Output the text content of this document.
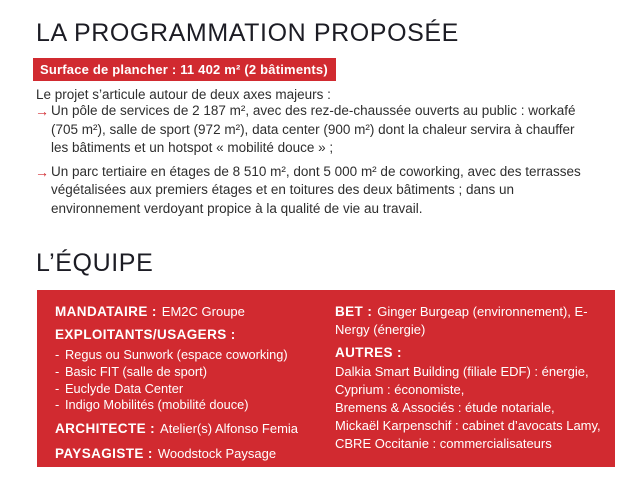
LA PROGRAMMATION PROPOSÉE
Surface de plancher : 11 402 m² (2 bâtiments)

Le projet s’articule autour de deux axes majeurs :

→ Un pôle de services de 2 187 m², avec des rez-de-chaussée ouverts au public : workafé (705 m²), salle de sport (972 m²), data center (900 m²) dont la chaleur servira à chauffer les bâtiments et un hotspot « mobilité douce » ;
→ Un parc tertiaire en étages de 8 510 m², dont 5 000 m² de coworking, avec des terrasses végétalisées aux premiers étages et en toitures des deux bâtiments ; dans un environnement verdoyant propice à la qualité de vie au travail.
L’ÉQUIPE

MANDATAIRE : EM2C Groupe

EXPLOITANTS/USAGERS :

- Regus ou Sunwork (espace coworking)
- Basic FIT (salle de sport)
- Euclyde Data Center
- Indigo Mobilités (mobilité douce)

ARCHITECTE : Atelier(s) Alfonso Femia

PAYSAGISTE : Woodstock Paysage

BET : Ginger Burgeap (environnement), E-Nergy (énergie)

AUTRES :

Dalkia Smart Building (filiale EDF) : énergie,
Cyprium : économiste,
Bremens & Associés : étude notariale,
Mickaël Karpenschif : cabinet d’avocats Lamy,
CBRE Occitanie : commercialisateurs
